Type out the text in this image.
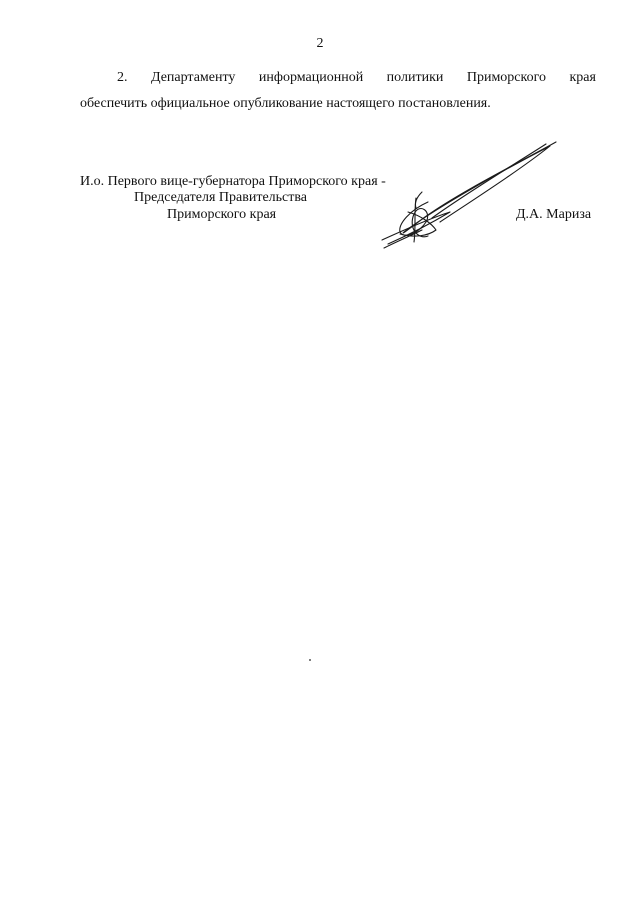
2
2. Департаменту информационной политики Приморского края
обеспечить официальное опубликование настоящего постановления.
И.о. Первого вице-губернатора Приморского края -
Председателя Правительства
Приморского края	Д.А. Мариза
